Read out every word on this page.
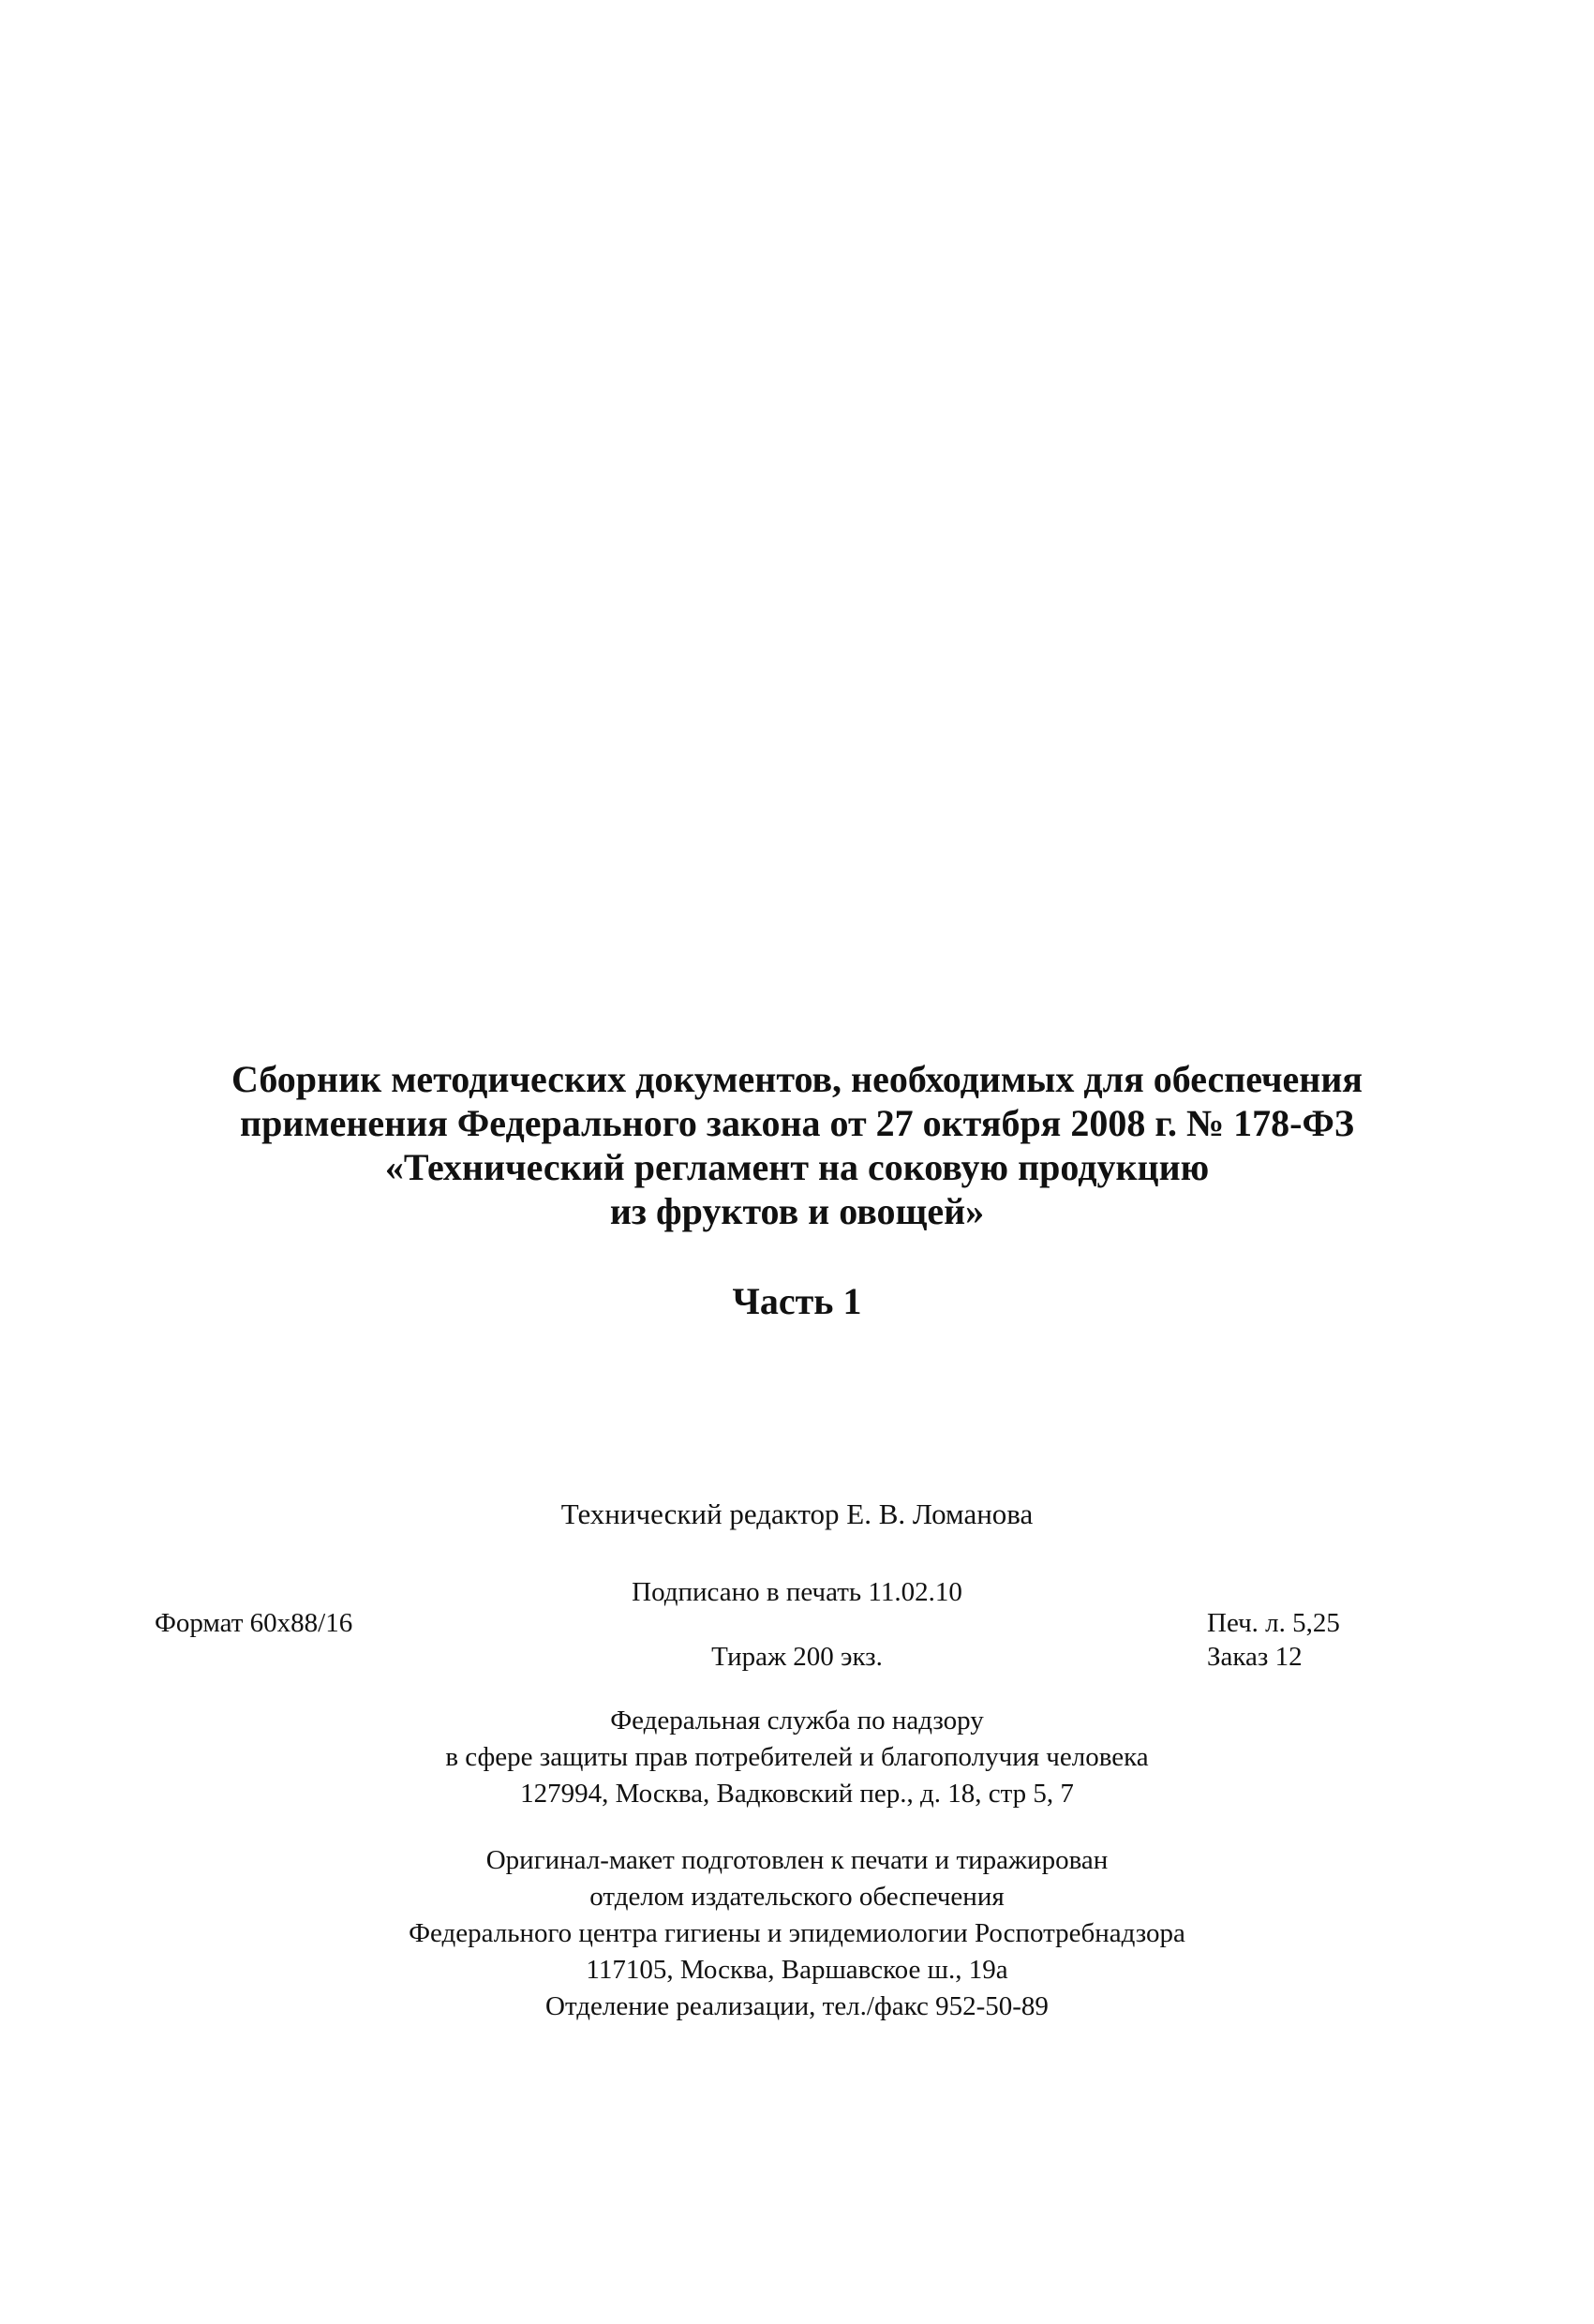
Сборник методических документов, необходимых для обеспечения
применения Федерального закона от 27 октября 2008 г. № 178-ФЗ
«Технический регламент на соковую продукцию
из фруктов и овощей»
Часть 1
Технический редактор Е. В. Ломанова
Подписано в печать 11.02.10
Формат 60x88/16	Печ. л. 5,25
Тираж 200 экз.	Заказ 12
Федеральная служба по надзору
в сфере защиты прав потребителей и благополучия человека
127994, Москва, Вадковский пер., д. 18, стр 5, 7
Оригинал-макет подготовлен к печати и тиражирован
отделом издательского обеспечения
Федерального центра гигиены и эпидемиологии Роспотребнадзора
117105, Москва, Варшавское ш., 19а
Отделение реализации, тел./факс 952-50-89
